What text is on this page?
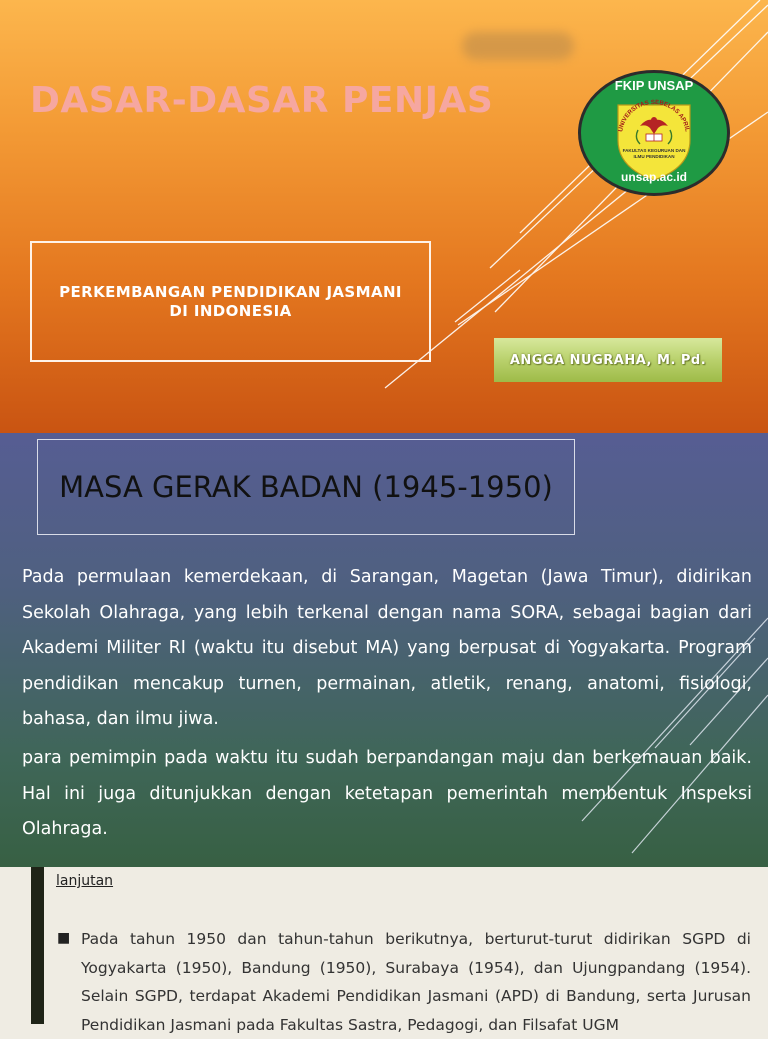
DASAR-DASAR PENJAS
PERKEMBANGAN PENDIDIKAN JASMANI
DI INDONESIA
ANGGA NUGRAHA, M. Pd.
FKIP UNSAP
UNIVERSITAS SEBELAS APRIL
FAKULTAS KEGURUAN DAN
ILMU PENDIDIKAN
unsap.ac.id
MASA GERAK BADAN (1945-1950)

Pada permulaan kemerdekaan, di Sarangan, Magetan (Jawa Timur), didirikan Sekolah Olahraga, yang lebih terkenal dengan nama SORA, sebagai bagian dari Akademi Militer RI (waktu itu disebut MA) yang berpusat di Yogyakarta. Program pendidikan mencakup turnen, permainan, atletik, renang, anatomi, fisiologi, bahasa, dan ilmu jiwa.

para pemimpin pada waktu itu sudah berpandangan maju dan berkemauan baik. Hal ini juga ditunjukkan dengan ketetapan pemerintah membentuk Inspeksi Olahraga.

lanjutan
■ Pada tahun 1950 dan tahun-tahun berikutnya, berturut-turut didirikan SGPD di Yogyakarta (1950), Bandung (1950), Surabaya (1954), dan Ujungpandang (1954). Selain SGPD, terdapat Akademi Pendidikan Jasmani (APD) di Bandung, serta Jurusan Pendidikan Jasmani pada Fakultas Sastra, Pedagogi, dan Filsafat UGM
